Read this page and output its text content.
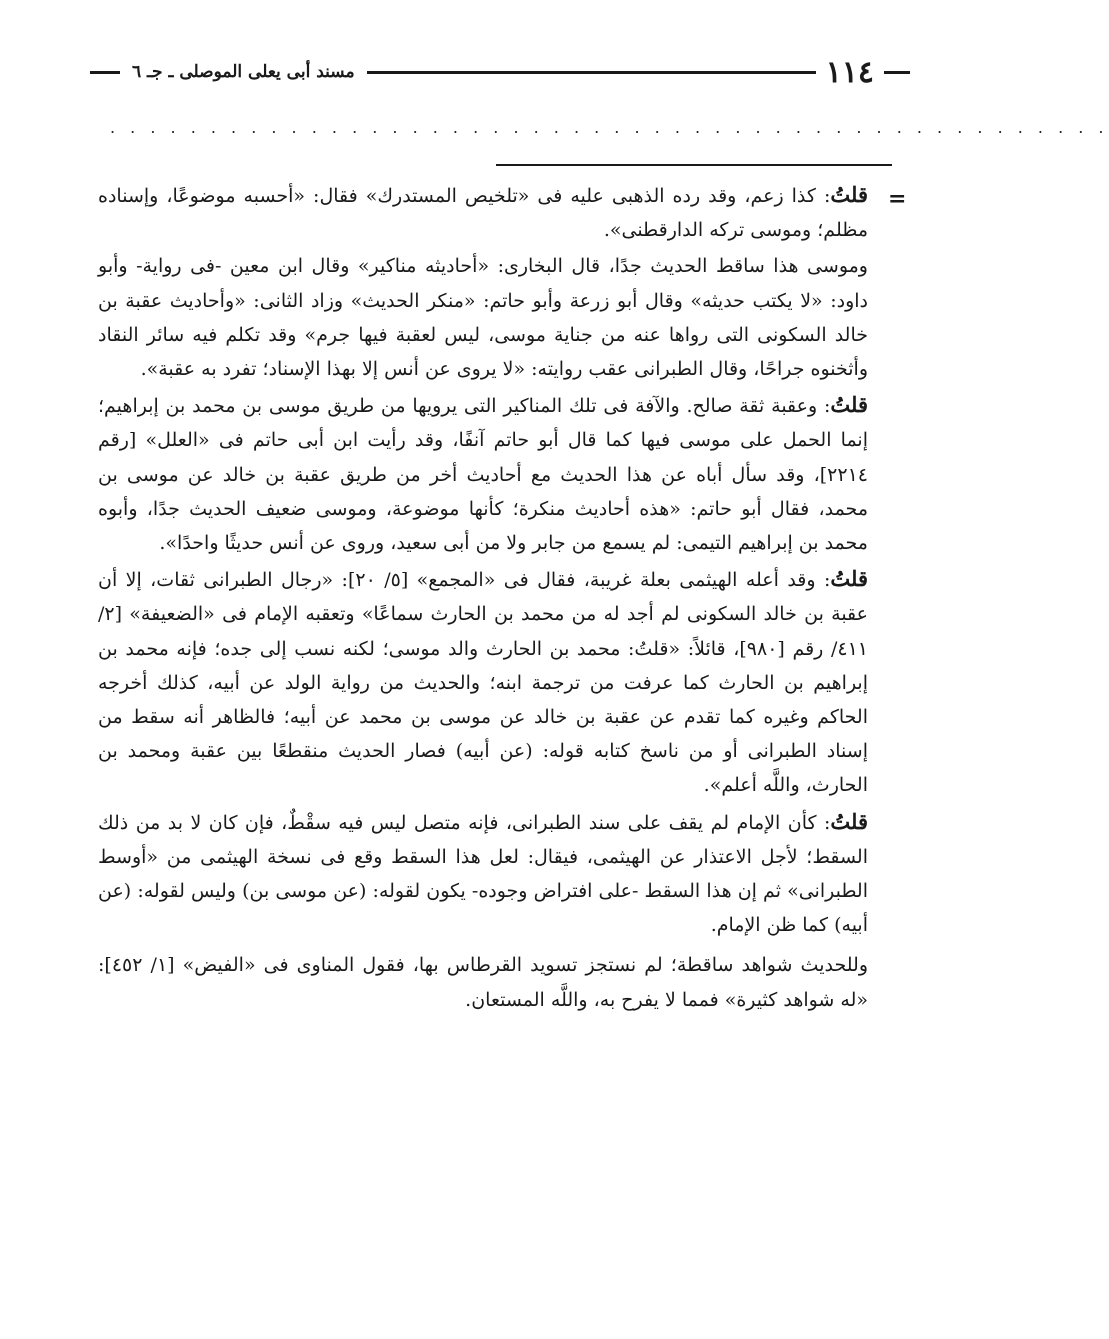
١١٤
مسند أبى يعلى الموصلى ـ جـ ٦
. . . . . . . . . . . . . . . . . . . . . . . . . . . . . . . . . . . . . . . . . . . . . . . . . .
=

قلتُ: كذا زعم، وقد رده الذهبى عليه فى «تلخيص المستدرك» فقال: «أحسبه موضوعًا، وإسناده مظلم؛ وموسى تركه الدارقطنى».

وموسى هذا ساقط الحديث جدًا، قال البخارى: «أحاديثه مناكير» وقال ابن معين -فى رواية- وأبو داود: «لا يكتب حديثه» وقال أبو زرعة وأبو حاتم: «منكر الحديث» وزاد الثانى: «وأحاديث عقبة بن خالد السكونى التى رواها عنه من جناية موسى، ليس لعقبة فيها جرم» وقد تكلم فيه سائر النقاد وأثخنوه جراحًا، وقال الطبرانى عقب روايته: «لا يروى عن أنس إلا بهذا الإسناد؛ تفرد به عقبة».

قلتُ: وعقبة ثقة صالح. والآفة فى تلك المناكير التى يرويها من طريق موسى بن محمد بن إبراهيم؛ إنما الحمل على موسى فيها كما قال أبو حاتم آنفًا، وقد رأيت ابن أبى حاتم فى «العلل» [رقم ٢٢١٤]، وقد سأل أباه عن هذا الحديث مع أحاديث أخر من طريق عقبة بن خالد عن موسى بن محمد، فقال أبو حاتم: «هذه أحاديث منكرة؛ كأنها موضوعة، وموسى ضعيف الحديث جدًا، وأبوه محمد بن إبراهيم التيمى: لم يسمع من جابر ولا من أبى سعيد، وروى عن أنس حديثًا واحدًا».

قلتُ: وقد أعله الهيثمى بعلة غريبة، فقال فى «المجمع» [٥/ ٢٠]: «رجال الطبرانى ثقات، إلا أن عقبة بن خالد السكونى لم أجد له من محمد بن الحارث سماعًا» وتعقبه الإمام فى «الضعيفة» [٢/ ٤١١/ رقم [٩٨٠]، قائلاً: «قلتُ: محمد بن الحارث والد موسى؛ لكنه نسب إلى جده؛ فإنه محمد بن إبراهيم بن الحارث كما عرفت من ترجمة ابنه؛ والحديث من رواية الولد عن أبيه، كذلك أخرجه الحاكم وغيره كما تقدم عن عقبة بن خالد عن موسى بن محمد عن أبيه؛ فالظاهر أنه سقط من إسناد الطبرانى أو من ناسخ كتابه قوله: (عن أبيه) فصار الحديث منقطعًا بين عقبة ومحمد بن الحارث، واللَّه أعلم».

قلتُ: كأن الإمام لم يقف على سند الطبرانى، فإنه متصل ليس فيه سقْطٌ، فإن كان لا بد من ذلك السقط؛ لأجل الاعتذار عن الهيثمى، فيقال: لعل هذا السقط وقع فى نسخة الهيثمى من «أوسط الطبرانى» ثم إن هذا السقط -على افتراض وجوده- يكون لقوله: (عن موسى بن) وليس لقوله: (عن أبيه) كما ظن الإمام.

وللحديث شواهد ساقطة؛ لم نستجز تسويد القرطاس بها، فقول المناوى فى «الفيض» [١/ ٤٥٢]: «له شواهد كثيرة» فمما لا يفرح به، واللَّه المستعان.
